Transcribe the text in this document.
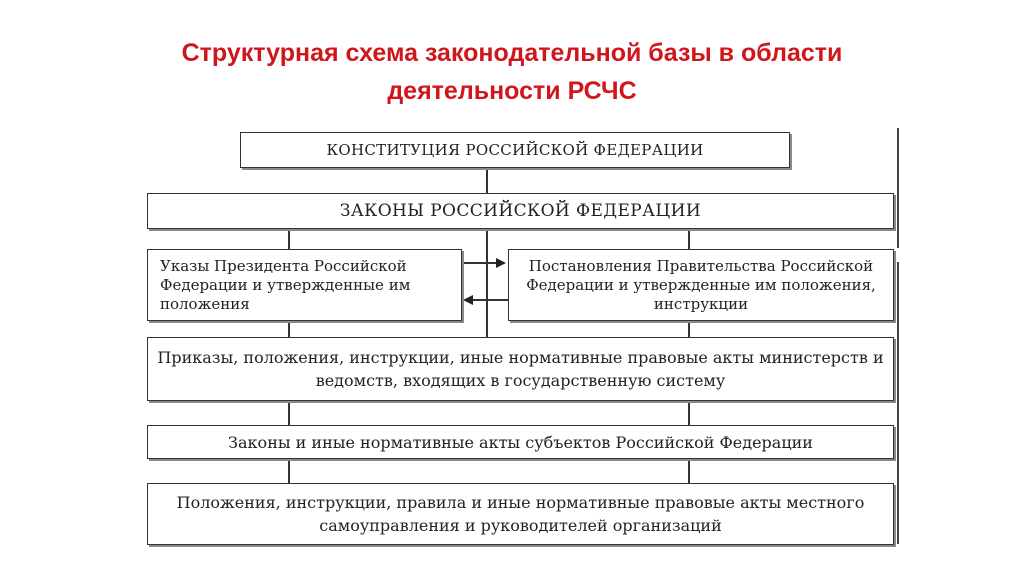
Структурная схема законодательной базы в области
деятельности РСЧС
КОНСТИТУЦИЯ РОССИЙСКОЙ ФЕДЕРАЦИИ
ЗАКОНЫ РОССИЙСКОЙ ФЕДЕРАЦИИ
Указы Президента Российской
Федерации и утвержденные им
положения
Постановления Правительства Российской
Федерации и утвержденные им положения,
инструкции
Приказы, положения, инструкции, иные нормативные правовые акты министерств и
ведомств, входящих в государственную систему
Законы и иные нормативные акты субъектов Российской Федерации
Положения, инструкции, правила и иные нормативные правовые акты местного
самоуправления и руководителей организаций
